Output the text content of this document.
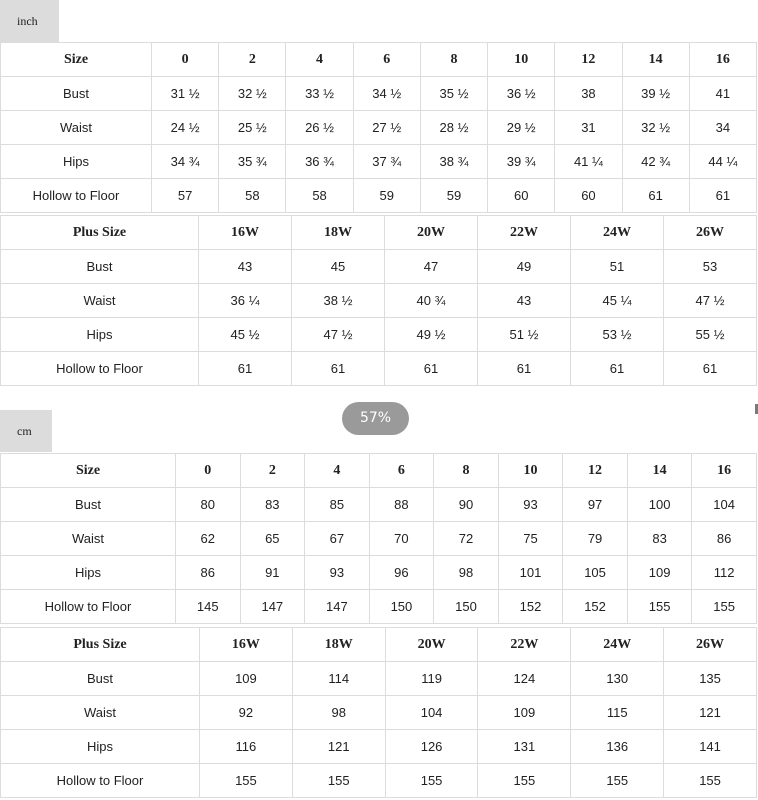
inch
Size	0	2	4	6	8	10	12	14	16
Bust	31 ½	32 ½	33 ½	34 ½	35 ½	36 ½	38	39 ½	41
Waist	24 ½	25 ½	26 ½	27 ½	28 ½	29 ½	31	32 ½	34
Hips	34 ¾	35 ¾	36 ¾	37 ¾	38 ¾	39 ¾	41 ¼	42 ¾	44 ¼
Hollow to Floor	57	58	58	59	59	60	60	61	61
Plus Size	16W	18W	20W	22W	24W	26W
Bust	43	45	47	49	51	53
Waist	36 ¼	38 ½	40 ¾	43	45 ¼	47 ½
Hips	45 ½	47 ½	49 ½	51 ½	53 ½	55 ½
Hollow to Floor	61	61	61	61	61	61
57%
cm
Size	0	2	4	6	8	10	12	14	16
Bust	80	83	85	88	90	93	97	100	104
Waist	62	65	67	70	72	75	79	83	86
Hips	86	91	93	96	98	101	105	109	112
Hollow to Floor	145	147	147	150	150	152	152	155	155
Plus Size	16W	18W	20W	22W	24W	26W
Bust	109	114	119	124	130	135
Waist	92	98	104	109	115	121
Hips	116	121	126	131	136	141
Hollow to Floor	155	155	155	155	155	155
